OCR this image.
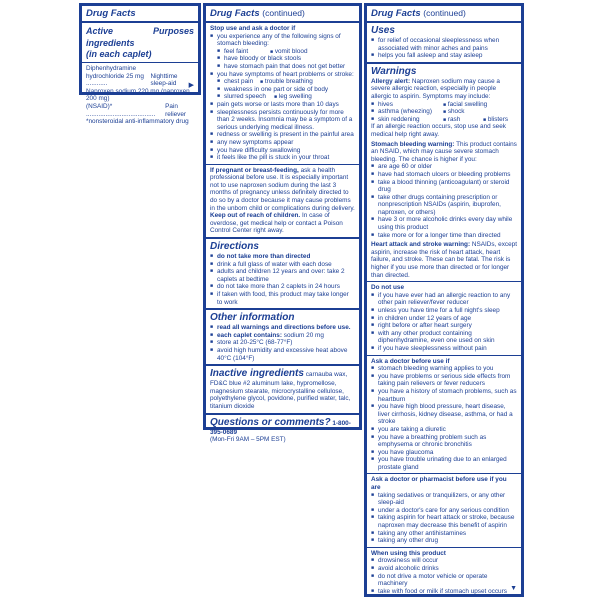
Drug Facts
Active ingredients
Purposes
(in each caplet)
Diphenhydramine
hydrochloride 25 mg ............
Nighttime sleep-aid
Naproxen sodium 220 mg (naproxen 200 mg)
(NSAID)* .......................................
Pain reliever
*nonsteroidal anti-inflammatory drug
▶
Drug Facts (continued)
Stop use and ask a doctor if
■ you experience any of the following signs of stomach bleeding:
■ feel faint	■ vomit blood
■ have bloody or black stools
■ have stomach pain that does not get better
■ you have symptoms of heart problems or stroke:
■ chest pain ■ trouble breathing
■ weakness in one part or side of body
■ slurred speech ■ leg swelling
■ pain gets worse or lasts more than 10 days
■ sleeplessness persists continuously for more than 2 weeks. Insomnia may be a symptom of a serious underlying medical illness.
■ redness or swelling is present in the painful area
■ any new symptoms appear
■ you have difficulty swallowing
■ it feels like the pill is stuck in your throat
If pregnant or breast-feeding, ask a health professional before use. It is especially important not to use naproxen sodium during the last 3 months of pregnancy unless definitely directed to do so by a doctor because it may cause problems in the unborn child or complications during delivery.
Keep out of reach of children. In case of overdose, get medical help or contact a Poison Control Center right away.
Directions
■ do not take more than directed
■ drink a full glass of water with each dose
■ adults and children 12 years and over: take 2 caplets at bedtime
■ do not take more than 2 caplets in 24 hours
■ if taken with food, this product may take longer to work
Other information
■ read all warnings and directions before use.
■ each caplet contains: sodium 20 mg
■ store at 20-25°C (68-77°F)
■ avoid high humidity and excessive heat above 40°C (104°F)
Inactive ingredients carnauba wax, FD&C blue #2 aluminum lake, hypromellose, magnesium stearate, microcrystalline cellulose, polyethylene glycol, povidone, purified water, talc, titanium dioxide
Questions or comments? 1-800-395-0689
(Mon-Fri 9AM – 5PM EST)
Drug Facts (continued)
Uses
■ for relief of occasional sleeplessness when associated with minor aches and pains
■ helps you fall asleep and stay asleep
Warnings
Allergy alert: Naproxen sodium may cause a severe allergic reaction, especially in people allergic to aspirin. Symptoms may include:
■ hives	■ facial swelling
■ asthma (wheezing) ■ shock
■ skin reddening	■ rash	■ blisters
If an allergic reaction occurs, stop use and seek medical help right away.
Stomach bleeding warning: This product contains an NSAID, which may cause severe stomach bleeding. The chance is higher if you:
■ are age 60 or older
■ have had stomach ulcers or bleeding problems
■ take a blood thinning (anticoagulant) or steroid drug
■ take other drugs containing prescription or nonprescription NSAIDs (aspirin, ibuprofen, naproxen, or others)
■ have 3 or more alcoholic drinks every day while using this product
■ take more or for a longer time than directed
Heart attack and stroke warning: NSAIDs, except aspirin, increase the risk of heart attack, heart failure, and stroke. These can be fatal. The risk is higher if you use more than directed or for longer than directed.
Do not use
■ if you have ever had an allergic reaction to any other pain reliever/fever reducer
■ unless you have time for a full night's sleep
■ in children under 12 years of age
■ right before or after heart surgery
■ with any other product containing diphenhydramine, even one used on skin
■ if you have sleeplessness without pain
Ask a doctor before use if
■ stomach bleeding warning applies to you
■ you have problems or serious side effects from taking pain relievers or fever reducers
■ you have a history of stomach problems, such as heartburn
■ you have high blood pressure, heart disease, liver cirrhosis, kidney disease, asthma, or had a stroke
■ you are taking a diuretic
■ you have a breathing problem such as emphysema or chronic bronchitis
■ you have glaucoma
■ you have trouble urinating due to an enlarged prostate gland
Ask a doctor or pharmacist before use if you are
■ taking sedatives or tranquilizers, or any other sleep-aid
■ under a doctor's care for any serious condition
■ taking aspirin for heart attack or stroke, because naproxen may decrease this benefit of aspirin
■ taking any other antihistamines
■ taking any other drug
When using this product
■ drowsiness will occur
■ avoid alcoholic drinks
■ do not drive a motor vehicle or operate machinery
■ take with food or milk if stomach upset occurs ▼
